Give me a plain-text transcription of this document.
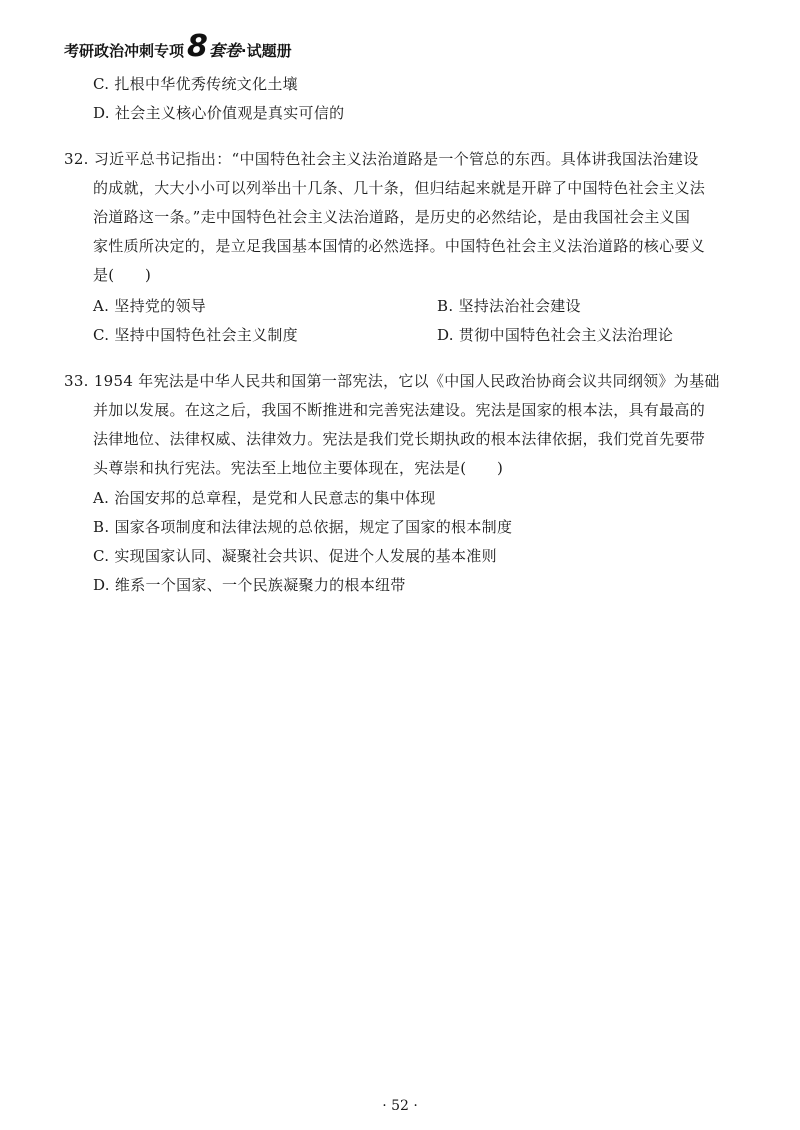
考研政治冲刺专项 8 套卷 ·试题册
C. 扎根中华优秀传统文化土壤
D. 社会主义核心价值观是真实可信的
32. 习近平总书记指出：“中国特色社会主义法治道路是一个管总的东西。具体讲我国法治建设
的成就，大大小小可以列举出十几条、几十条，但归结起来就是开辟了中国特色社会主义法
治道路这一条。”走中国特色社会主义法治道路，是历史的必然结论，是由我国社会主义国
家性质所决定的，是立足我国基本国情的必然选择。中国特色社会主义法治道路的核心要义
是(　　)
A. 坚持党的领导	B. 坚持法治社会建设
C. 坚持中国特色社会主义制度	D. 贯彻中国特色社会主义法治理论
33. 1954 年宪法是中华人民共和国第一部宪法，它以《中国人民政治协商会议共同纲领》为基础
并加以发展。在这之后，我国不断推进和完善宪法建设。宪法是国家的根本法，具有最高的
法律地位、法律权威、法律效力。宪法是我们党长期执政的根本法律依据，我们党首先要带
头尊崇和执行宪法。宪法至上地位主要体现在，宪法是(　　)
A. 治国安邦的总章程，是党和人民意志的集中体现
B. 国家各项制度和法律法规的总依据，规定了国家的根本制度
C. 实现国家认同、凝聚社会共识、促进个人发展的基本准则
D. 维系一个国家、一个民族凝聚力的根本纽带
· 52 ·
